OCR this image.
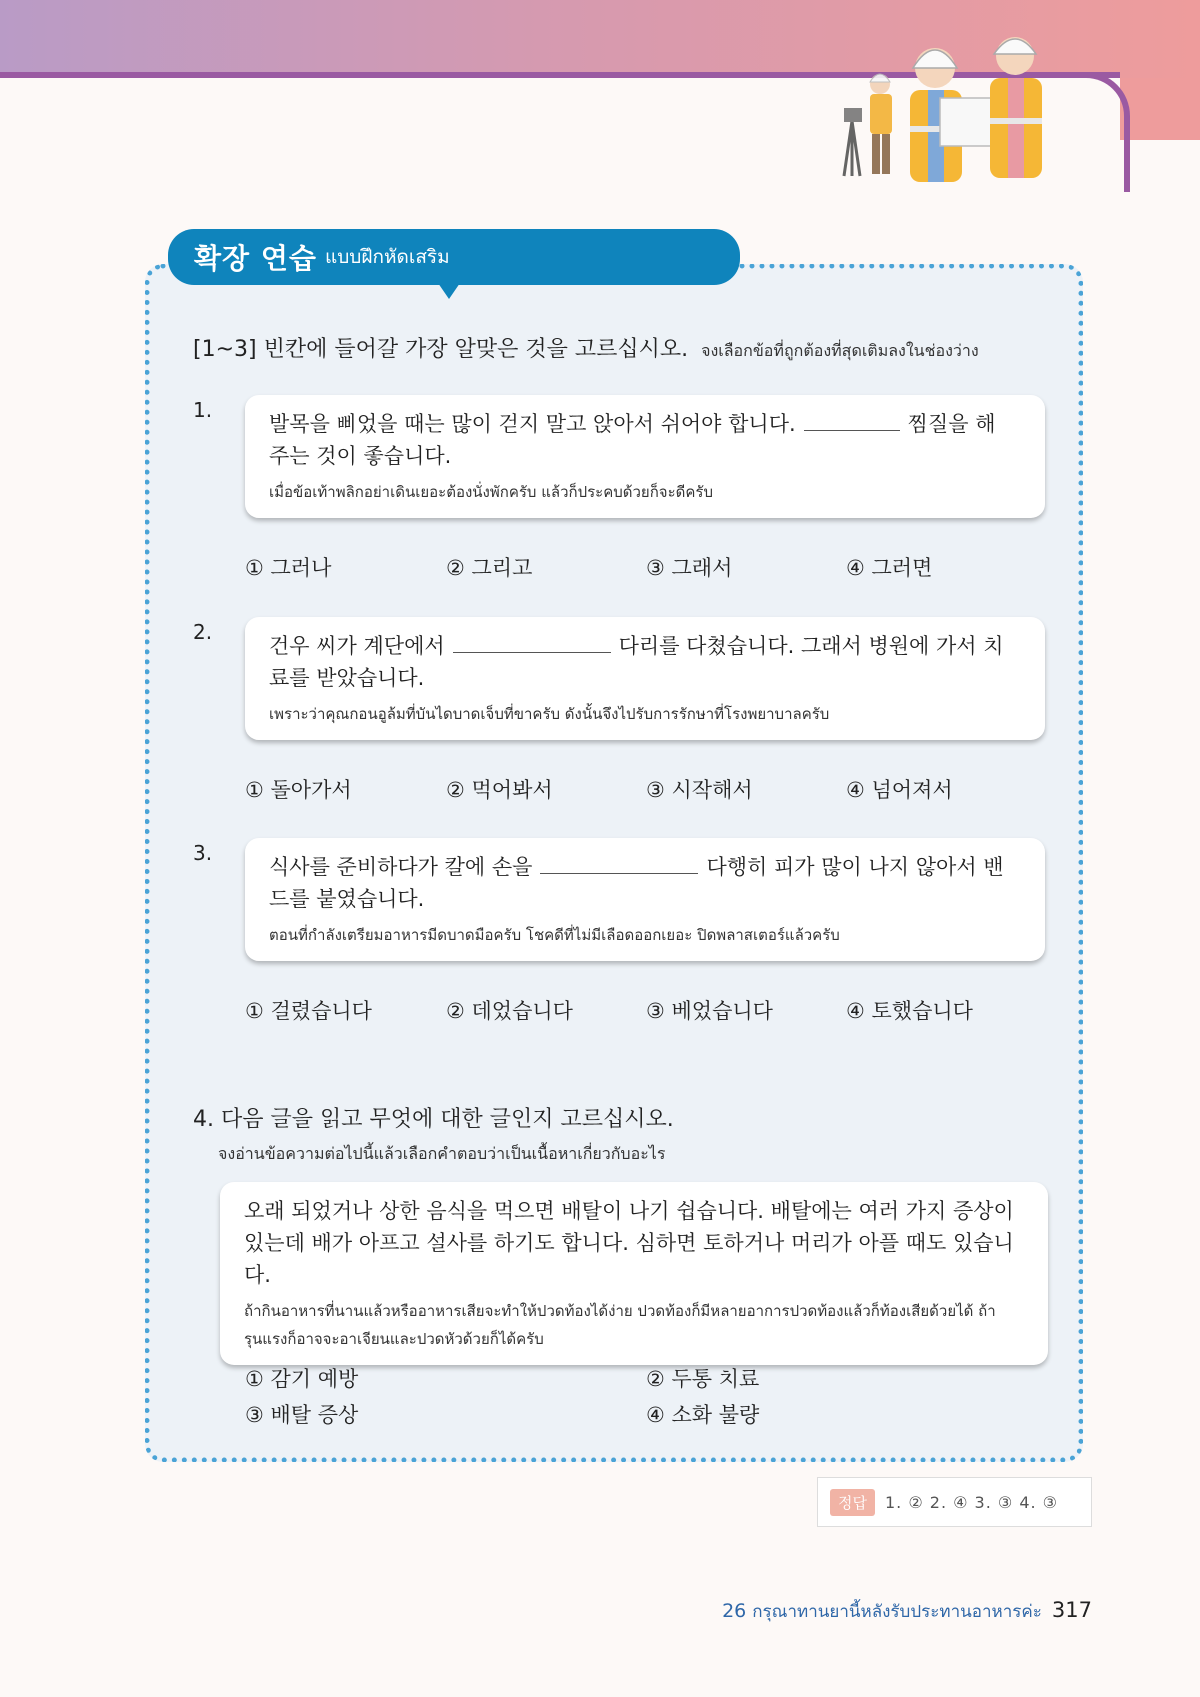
확장 연습 แบบฝึกหัดเสริม
[1~3] 빈칸에 들어갈 가장 알맞은 것을 고르십시오. จงเลือกข้อที่ถูกต้องที่สุดเติมลงในช่องว่าง
1.
발목을 삐었을 때는 많이 걷지 말고 앉아서 쉬어야 합니다.	찜질을 해 주는 것이 좋습니다.
เมื่อข้อเท้าพลิกอย่าเดินเยอะต้องนั่งพักครับ แล้วก็ประคบด้วยก็จะดีครับ
① 그러나	② 그리고	③ 그래서	④ 그러면
2.
건우 씨가 계단에서	다리를 다쳤습니다. 그래서 병원에 가서 치료를 받았습니다.
เพราะว่าคุณกอนอูล้มที่บันไดบาดเจ็บที่ขาครับ ดังนั้นจึงไปรับการรักษาที่โรงพยาบาลครับ
① 돌아가서	② 먹어봐서	③ 시작해서	④ 넘어져서
3.
식사를 준비하다가 칼에 손을	다행히 피가 많이 나지 않아서 밴드를 붙였습니다.
ตอนที่กำลังเตรียมอาหารมีดบาดมือครับ โชคดีที่ไม่มีเลือดออกเยอะ ปิดพลาสเตอร์แล้วครับ
① 걸렸습니다	② 데었습니다	③ 베었습니다	④ 토했습니다
4. 다음 글을 읽고 무엇에 대한 글인지 고르십시오.
จงอ่านข้อความต่อไปนี้แล้วเลือกคำตอบว่าเป็นเนื้อหาเกี่ยวกับอะไร
오래 되었거나 상한 음식을 먹으면 배탈이 나기 쉽습니다. 배탈에는 여러 가지 증상이 있는데 배가 아프고 설사를 하기도 합니다. 심하면 토하거나 머리가 아플 때도 있습니다.
ถ้ากินอาหารที่นานแล้วหรืออาหารเสียจะทำให้ปวดท้องได้ง่าย ปวดท้องก็มีหลายอาการปวดท้องแล้วก็ท้องเสียด้วยได้ ถ้ารุนแรงก็อาจจะอาเจียนและปวดหัวด้วยก็ได้ครับ
① 감기 예방	② 두통 치료
③ 배탈 증상	④ 소화 불량
정답	1. ② 2. ④ 3. ③ 4. ③
26 กรุณาทานยานี้หลังรับประทานอาหารค่ะ 317
